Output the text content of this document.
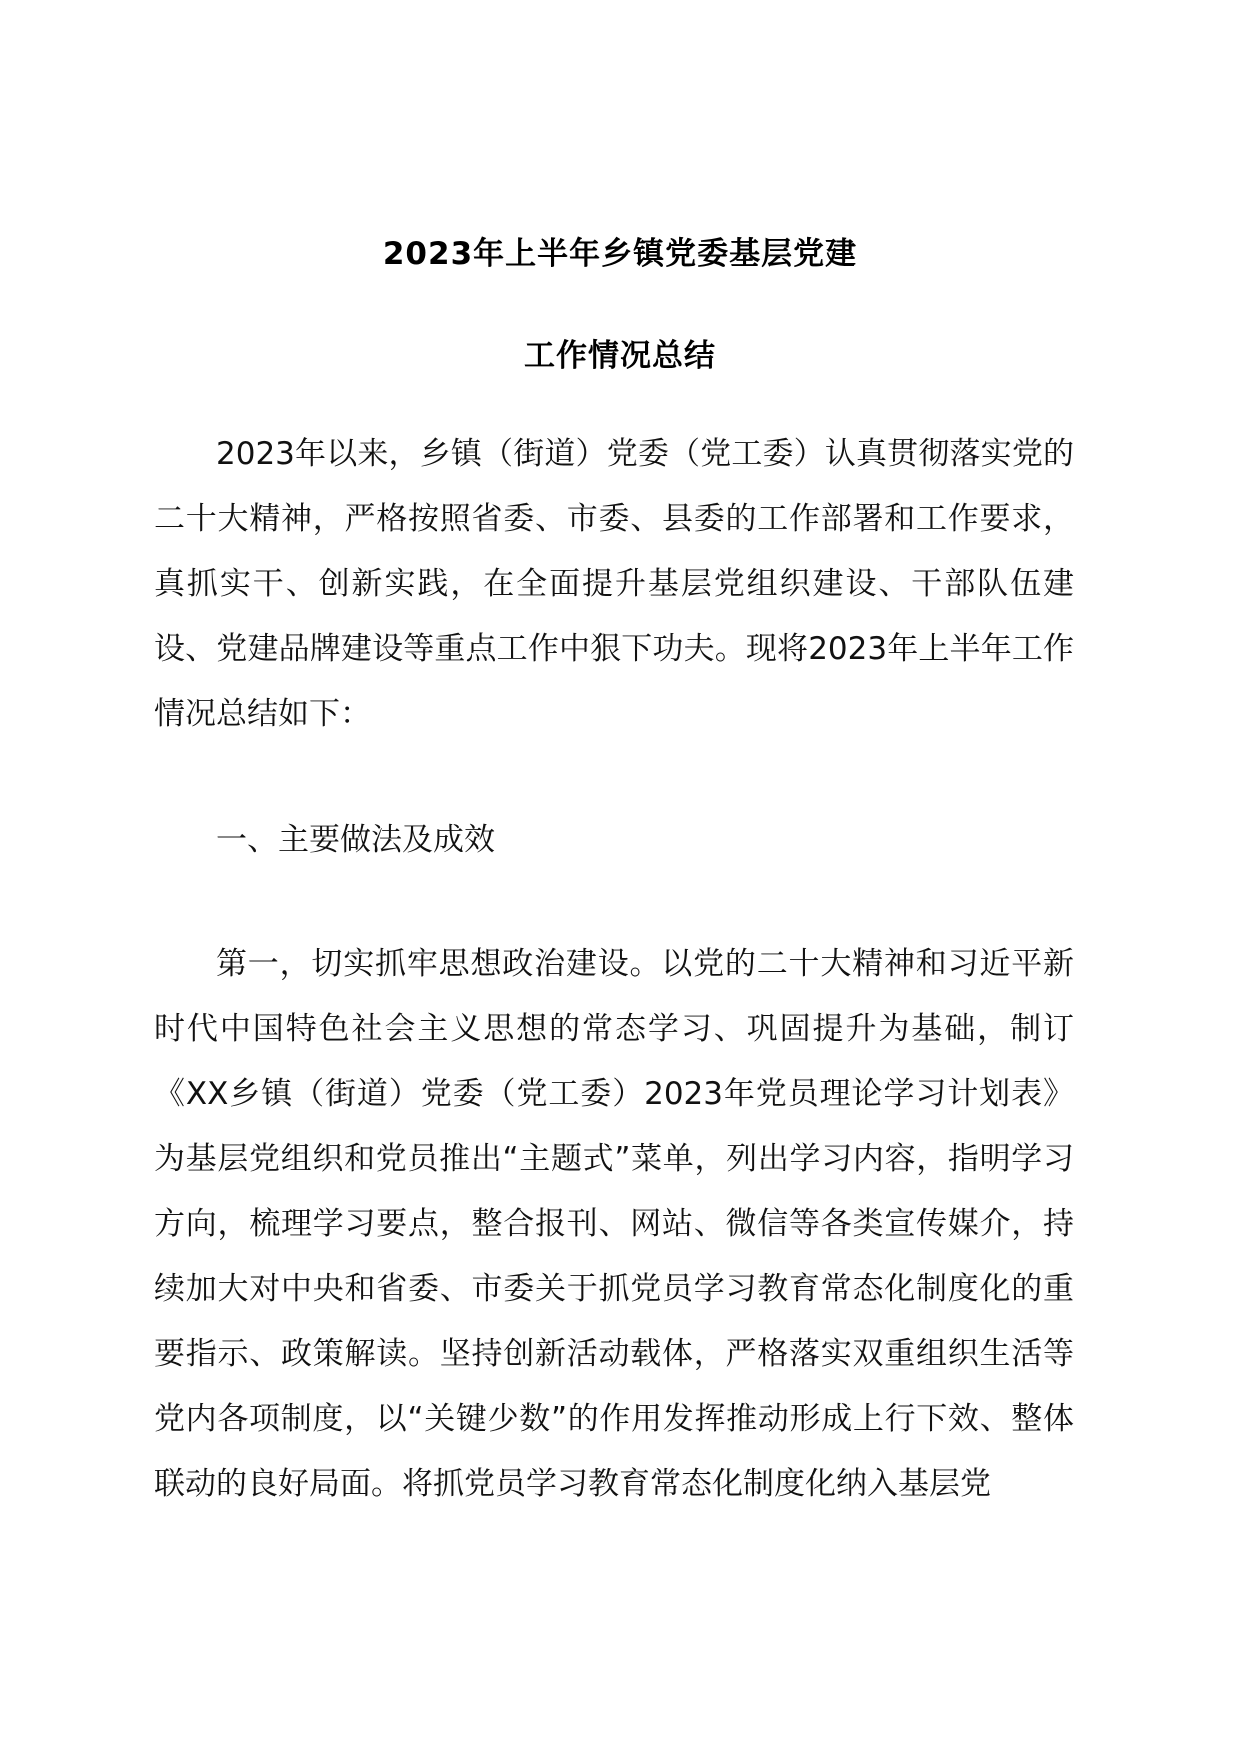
2023年上半年乡镇党委基层党建
工作情况总结
2023年以来，乡镇（街道）党委（党工委）认真贯彻落实党的二十大精神，严格按照省委、市委、县委的工作部署和工作要求，真抓实干、创新实践，在全面提升基层党组织建设、干部队伍建设、党建品牌建设等重点工作中狠下功夫。现将2023年上半年工作情况总结如下：
一、主要做法及成效
第一，切实抓牢思想政治建设。以党的二十大精神和习近平新时代中国特色社会主义思想的常态学习、巩固提升为基础，制订《XX乡镇（街道）党委（党工委）2023年党员理论学习计划表》为基层党组织和党员推出“主题式”菜单，列出学习内容，指明学习方向，梳理学习要点，整合报刊、网站、微信等各类宣传媒介，持续加大对中央和省委、市委关于抓党员学习教育常态化制度化的重要指示、政策解读。坚持创新活动载体，严格落实双重组织生活等党内各项制度，以“关键少数”的作用发挥推动形成上行下效、整体联动的良好局面。将抓党员学习教育常态化制度化纳入基层党
